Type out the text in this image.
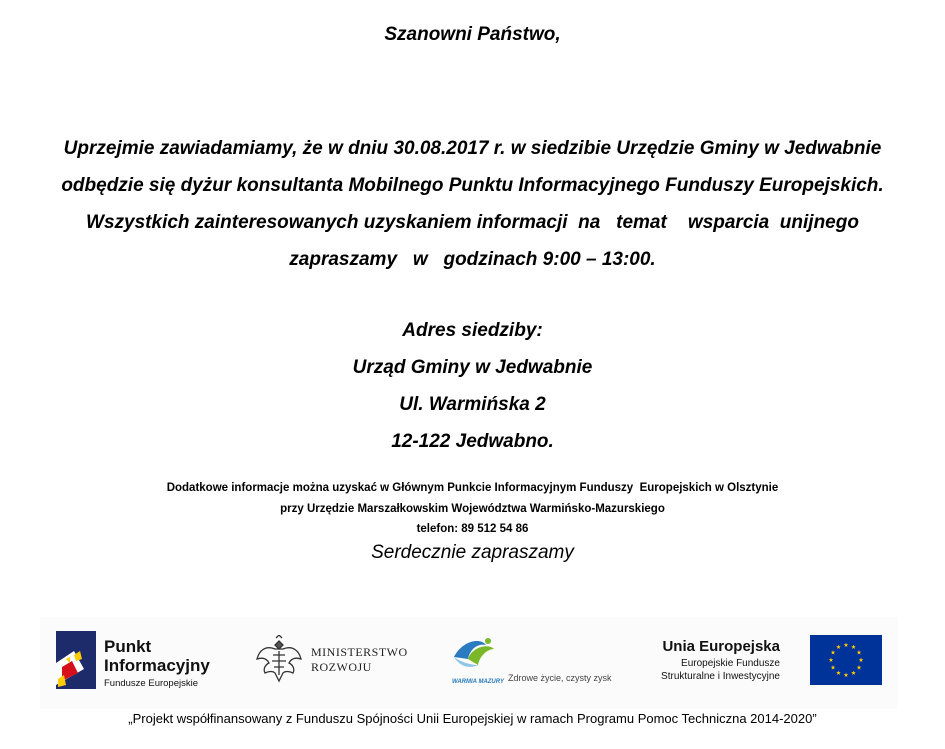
Szanowni Państwo,
Uprzejmie zawiadamiamy, że w dniu 30.08.2017 r. w siedzibie Urzędzie Gminy w Jedwabnie
odbędzie się dyżur konsultanta Mobilnego Punktu Informacyjnego Funduszy Europejskich.
Wszystkich zainteresowanych uzyskaniem informacji  na   temat    wsparcia  unijnego
zapraszamy   w   godzinach 9:00 – 13:00.
Adres siedziby:
Urząd Gminy w Jedwabnie
Ul. Warmińska 2
12-122 Jedwabno.
Dodatkowe informacje można uzyskać w Głównym Punkcie Informacyjnym Funduszy  Europejskich w Olsztynie
przy Urzędzie Marszałkowskim Województwa Warmińsko-Mazurskiego
telefon: 89 512 54 86
Serdecznie zapraszamy
Punkt
Informacyjny
Fundusze Europejskie
MINISTERSTWO
ROZWOJU
WARMIA MAZURY Zdrowe życie, czysty zysk
Unia Europejska
Europejskie Fundusze
Strukturalne i Inwestycyjne
„Projekt współfinansowany z Funduszu Spójności Unii Europejskiej w ramach Programu Pomoc Techniczna 2014-2020”
